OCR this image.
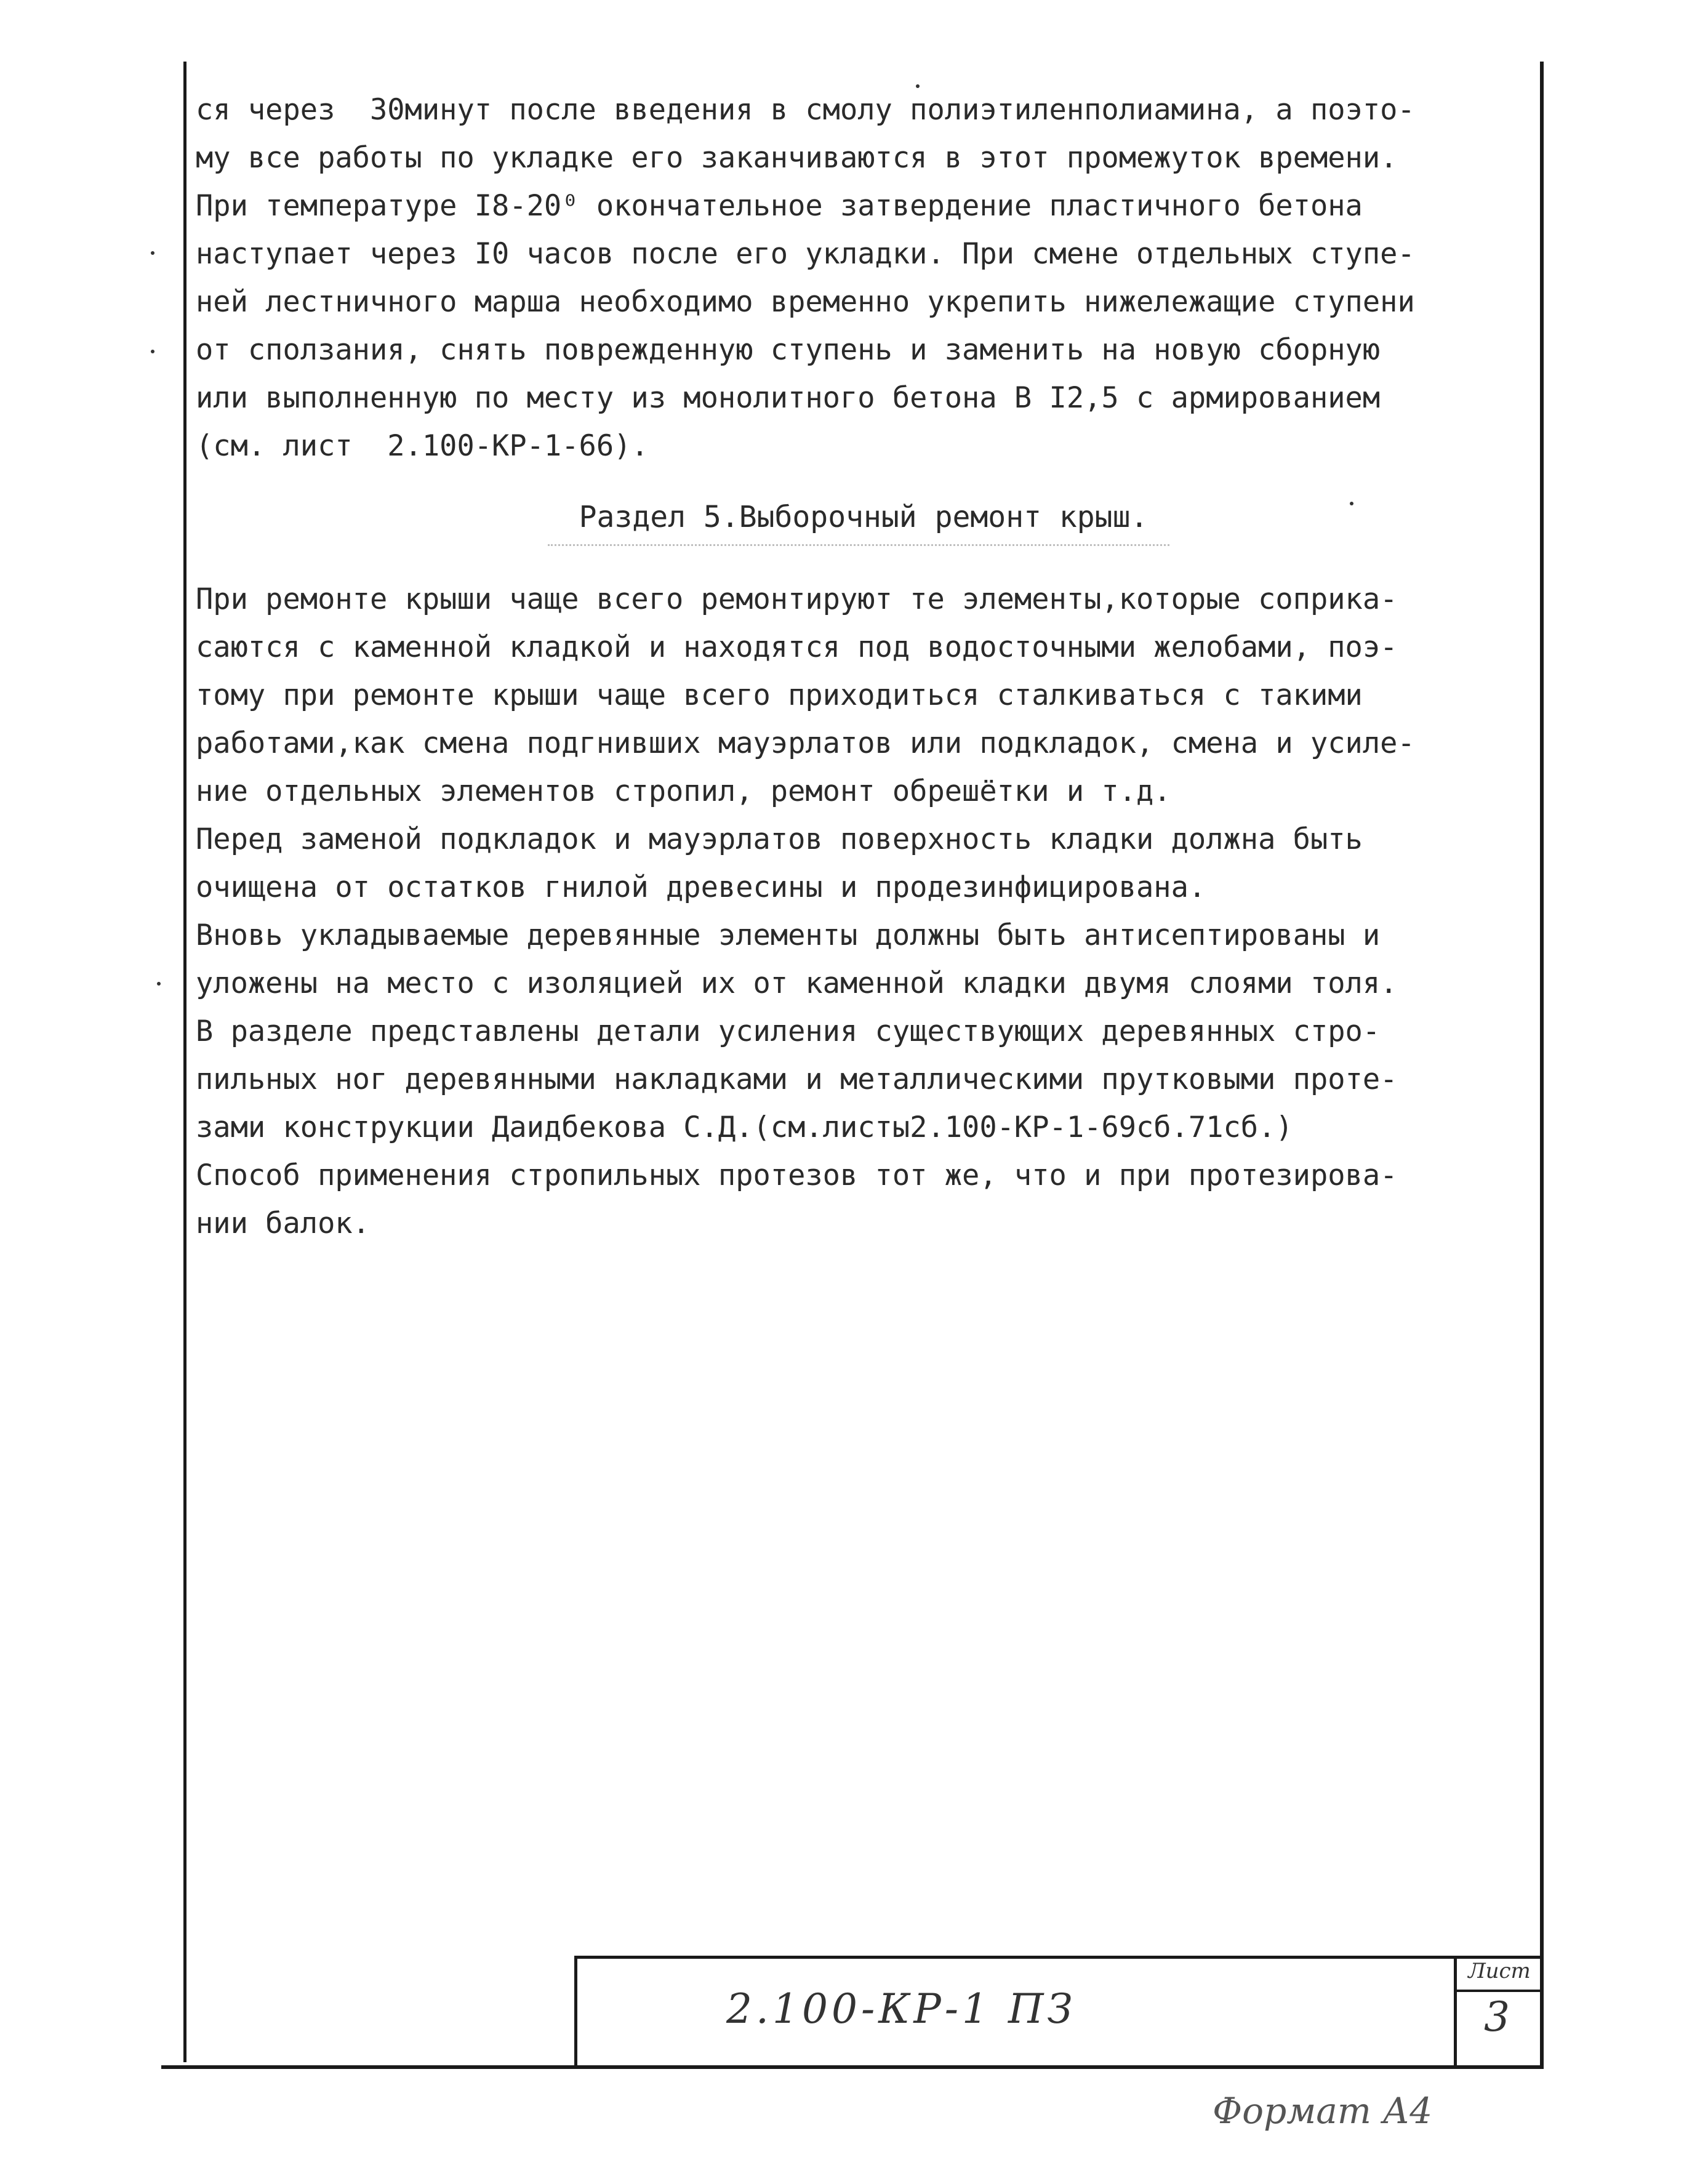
ся через  30минут после введения в смолу полиэтиленполиамина, а поэто-
му все работы по укладке его заканчиваются в этот промежуток времени.
При температуре I8-20⁰ окончательное затвердение пластичного бетона
наступает через I0 часов после его укладки. При смене отдельных ступе-
ней лестничного марша необходимо временно укрепить нижележащие ступени
от сползания, снять поврежденную ступень и заменить на новую сборную
или выполненную по месту из монолитного бетона В I2,5 с армированием
(см. лист  2.100-КР-1-66).
Раздел 5.Выборочный ремонт крыш.
При ремонте крыши чаще всего ремонтируют те элементы,которые соприка-
саются с каменной кладкой и находятся под водосточными желобами, поэ-
тому при ремонте крыши чаще всего приходиться сталкиваться с такими
работами,как смена подгнивших мауэрлатов или подкладок, смена и усиле-
ние отдельных элементов стропил, ремонт обрешётки и т.д.
Перед заменой подкладок и мауэрлатов поверхность кладки должна быть
очищена от остатков гнилой древесины и продезинфицирована.
Вновь укладываемые деревянные элементы должны быть антисептированы и
уложены на место с изоляцией их от каменной кладки двумя слоями толя.
В разделе представлены детали усиления существующих деревянных стро-
пильных ног деревянными накладками и металлическими прутковыми проте-
зами конструкции Даидбекова С.Д.(см.листы2.100-КР-1-69сб.71сб.)
Способ применения стропильных протезов тот же, что и при протезирова-
нии балок.
2.100-КР-1 ПЗ
Лист
3
Формат А4
